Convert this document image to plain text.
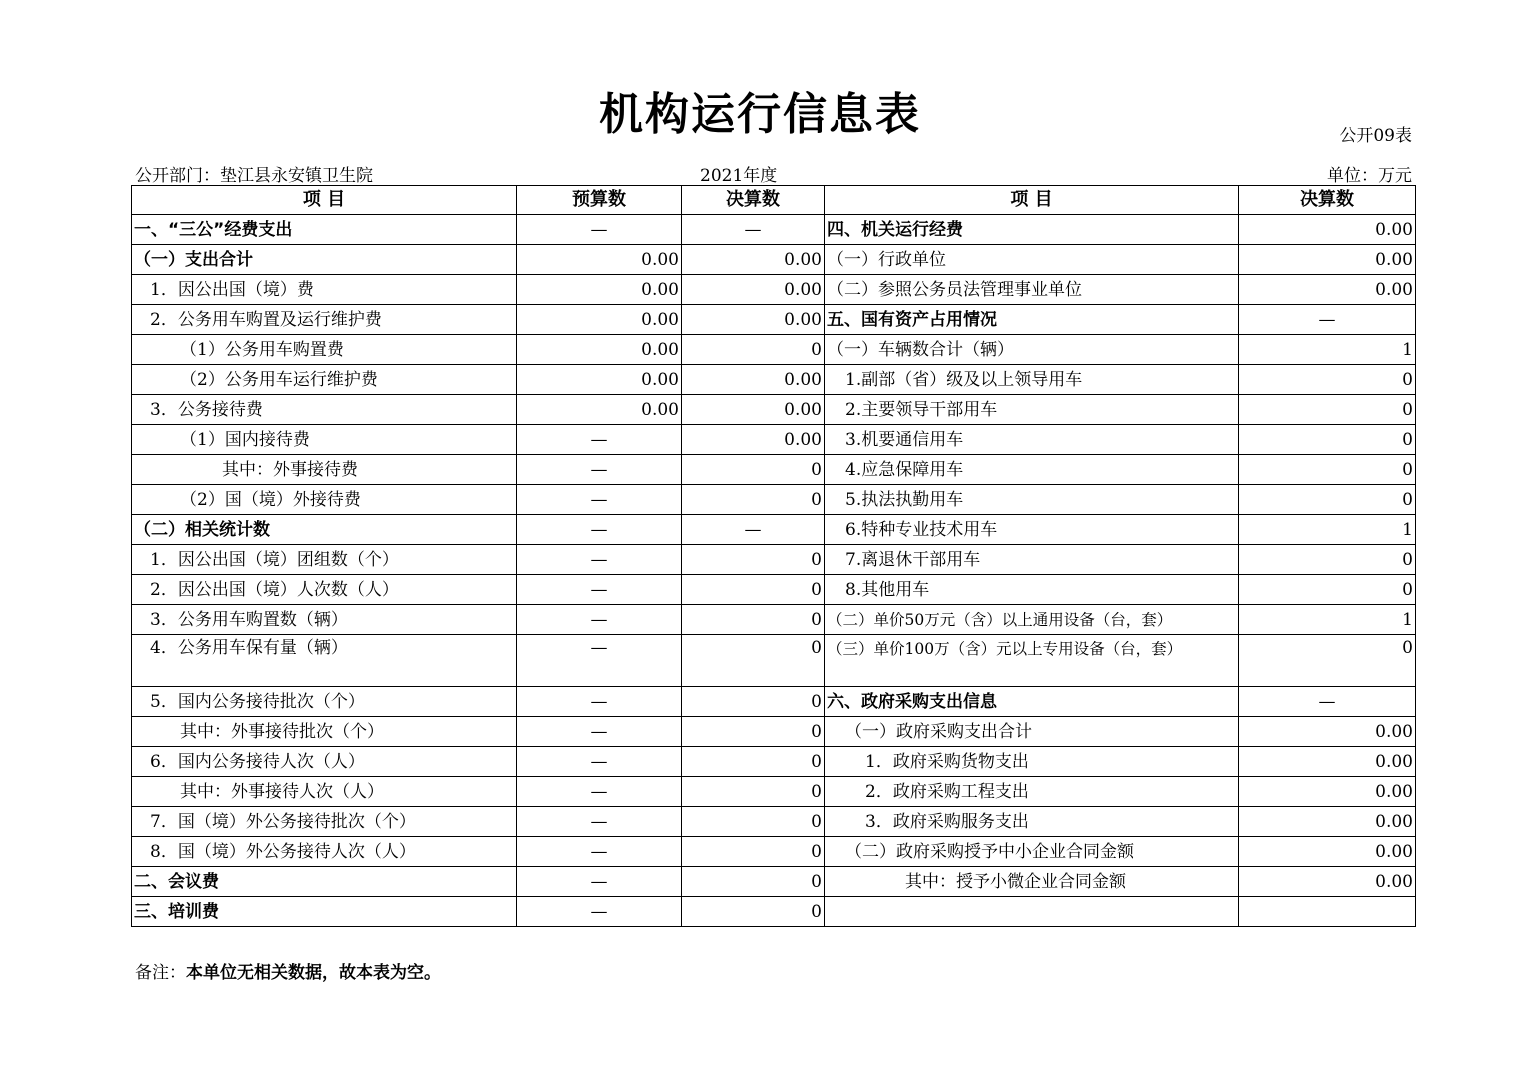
机构运行信息表	公开09表
公开部门：垫江县永安镇卫生院	2021年度	单位：万元
项 目	预算数	决算数	项 目	决算数
一、“三公”经费支出	—	—	四、机关运行经费	0.00
（一）支出合计	0.00	0.00	（一）行政单位	0.00
1．因公出国（境）费	0.00	0.00	（二）参照公务员法管理事业单位	0.00
2．公务用车购置及运行维护费	0.00	0.00	五、国有资产占用情况	—
（1）公务用车购置费	0.00	0	（一）车辆数合计（辆）	1
（2）公务用车运行维护费	0.00	0.00	1.副部（省）级及以上领导用车	0
3．公务接待费	0.00	0.00	2.主要领导干部用车	0
（1）国内接待费	—	0.00	3.机要通信用车	0
其中：外事接待费	—	0	4.应急保障用车	0
（2）国（境）外接待费	—	0	5.执法执勤用车	0
（二）相关统计数	—	—	6.特种专业技术用车	1
1．因公出国（境）团组数（个）	—	0	7.离退休干部用车	0
2．因公出国（境）人次数（人）	—	0	8.其他用车	0
3．公务用车购置数（辆）	—	0	（二）单价50万元（含）以上通用设备（台，套）	1
4．公务用车保有量（辆）	—	0	（三）单价100万（含）元以上专用设备（台，套）	0
5．国内公务接待批次（个）	—	0	六、政府采购支出信息	—
其中：外事接待批次（个）	—	0	（一）政府采购支出合计	0.00
6．国内公务接待人次（人）	—	0	1．政府采购货物支出	0.00
其中：外事接待人次（人）	—	0	2．政府采购工程支出	0.00
7．国（境）外公务接待批次（个）	—	0	3．政府采购服务支出	0.00
8．国（境）外公务接待人次（人）	—	0	（二）政府采购授予中小企业合同金额	0.00
二、会议费	—	0	其中：授予小微企业合同金额	0.00
三、培训费	—	0		
备注：本单位无相关数据，故本表为空。
